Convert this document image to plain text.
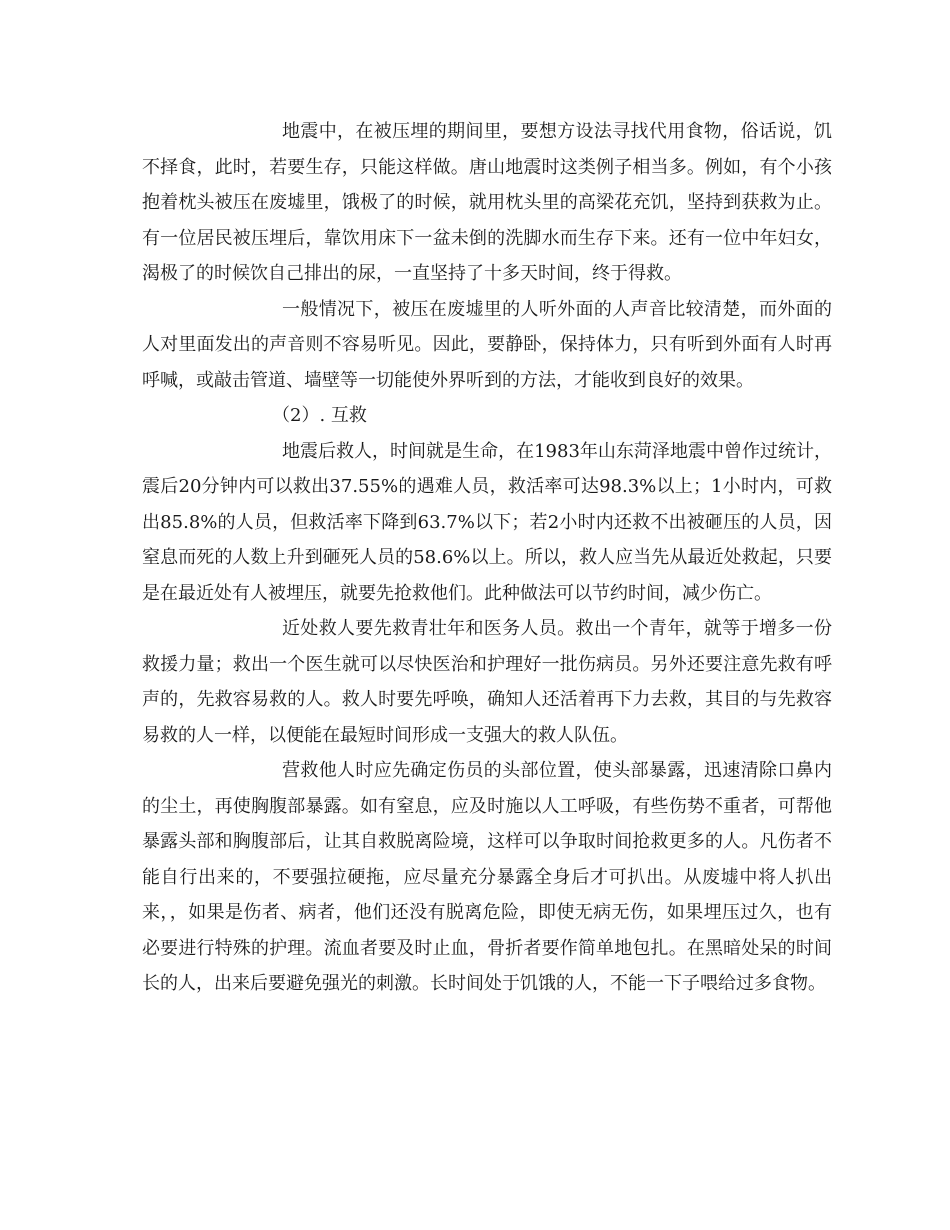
地震中，在被压埋的期间里，要想方设法寻找代用食物，俗话说，饥不择食，此时，若要生存，只能这样做。唐山地震时这类例子相当多。例如，有个小孩抱着枕头被压在废墟里，饿极了的时候，就用枕头里的高梁花充饥，坚持到获救为止。有一位居民被压埋后，靠饮用床下一盆未倒的洗脚水而生存下来。还有一位中年妇女，渴极了的时候饮自己排出的尿，一直坚持了十多天时间，终于得救。

一般情况下，被压在废墟里的人听外面的人声音比较清楚，而外面的人对里面发出的声音则不容易听见。因此，要静卧，保持体力，只有听到外面有人时再呼喊，或敲击管道、墙壁等一切能使外界听到的方法，才能收到良好的效果。

（2）. 互救

地震后救人，时间就是生命，在1983年山东菏泽地震中曾作过统计，震后20分钟内可以救出37.55%的遇难人员，救活率可达98.3%以上；1小时内，可救出85.8%的人员，但救活率下降到63.7%以下；若2小时内还救不出被砸压的人员，因窒息而死的人数上升到砸死人员的58.6%以上。所以，救人应当先从最近处救起，只要是在最近处有人被埋压，就要先抢救他们。此种做法可以节约时间，减少伤亡。

近处救人要先救青壮年和医务人员。救出一个青年，就等于增多一份救援力量；救出一个医生就可以尽快医治和护理好一批伤病员。另外还要注意先救有呼声的，先救容易救的人。救人时要先呼唤，确知人还活着再下力去救，其目的与先救容易救的人一样，以便能在最短时间形成一支强大的救人队伍。

营救他人时应先确定伤员的头部位置，使头部暴露，迅速清除口鼻内的尘土，再使胸腹部暴露。如有窒息，应及时施以人工呼吸，有些伤势不重者，可帮他暴露头部和胸腹部后，让其自救脱离险境，这样可以争取时间抢救更多的人。凡伤者不能自行出来的，不要强拉硬拖，应尽量充分暴露全身后才可扒出。从废墟中将人扒出来，，如果是伤者、病者，他们还没有脱离危险，即使无病无伤，如果埋压过久，也有必要进行特殊的护理。流血者要及时止血，骨折者要作简单地包扎。在黑暗处呆的时间长的人，出来后要避免强光的刺激。长时间处于饥饿的人，不能一下子喂给过多食物。
